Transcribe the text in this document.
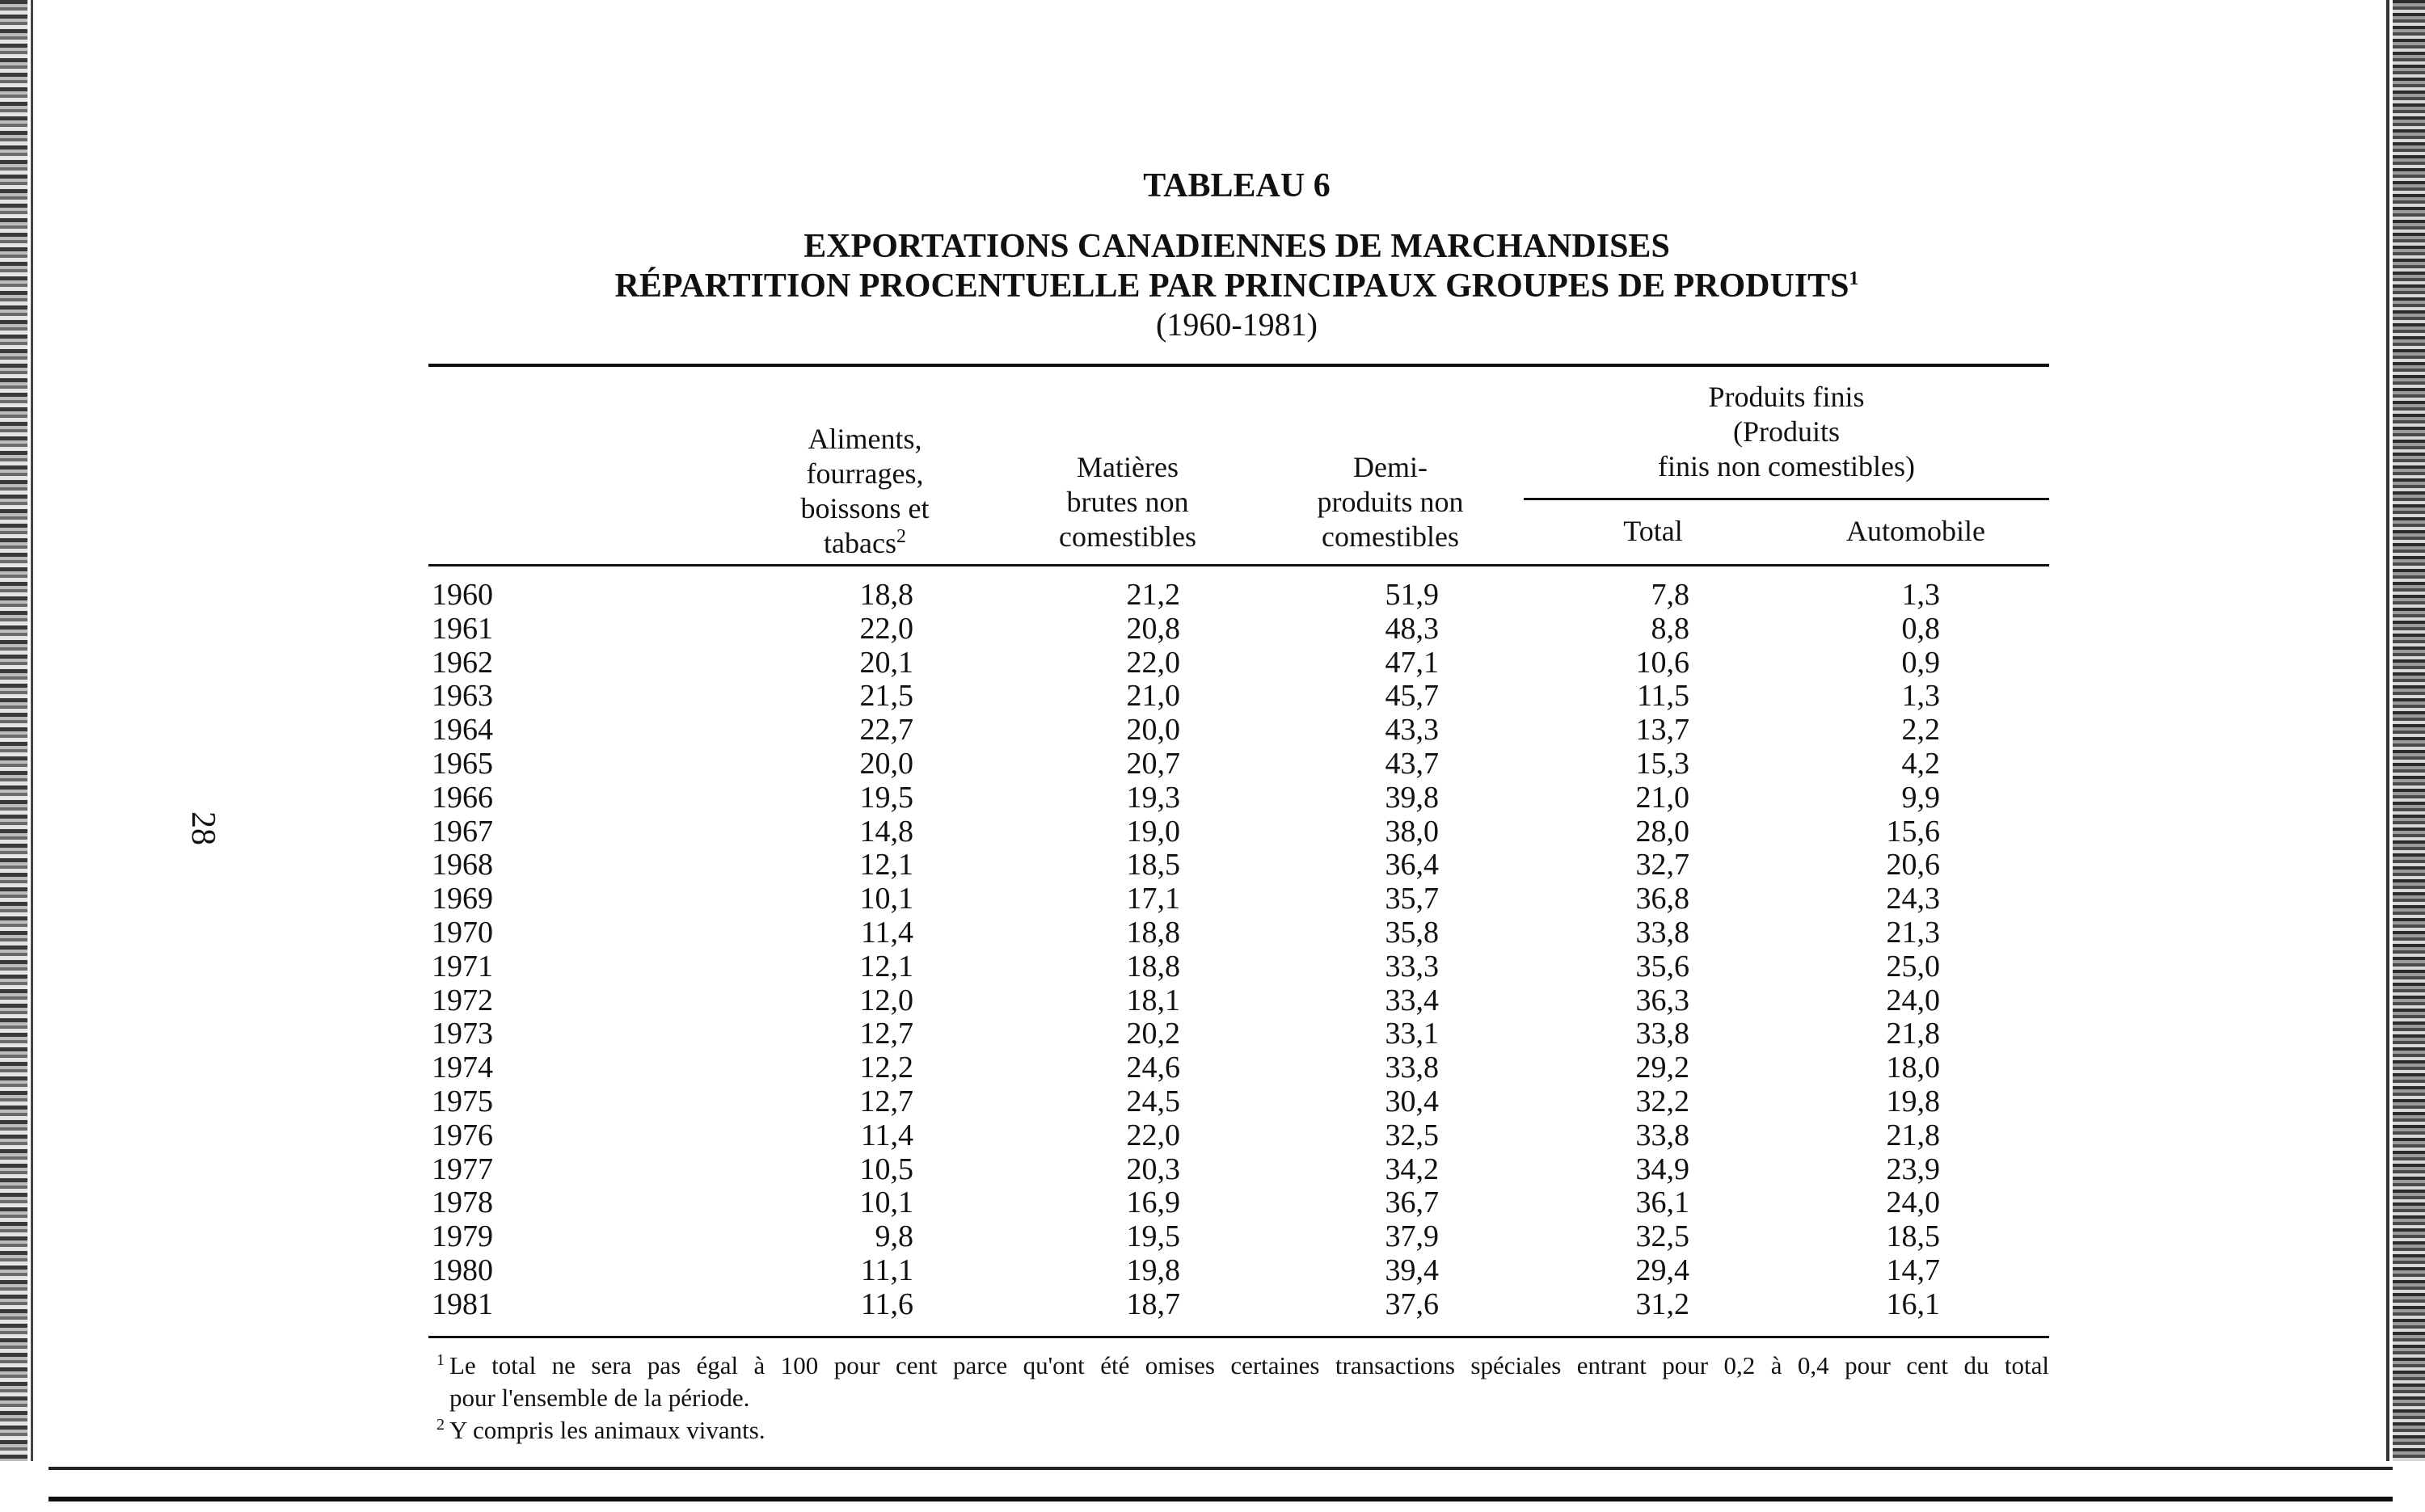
28
TABLEAU 6
EXPORTATIONS CANADIENNES DE MARCHANDISES
RÉPARTITION PROCENTUELLE PAR PRINCIPAUX GROUPES DE PRODUITS$^1$
(1960-1981)
Aliments,
fourrages,
boissons et
tabacs$^2$
Matières
brutes non
comestibles
Demi-
produits non
comestibles
Produits finis
(Produits
finis non comestibles)
Total	Automobile
1960	18,8	21,2	51,9	7,8	1,3
1961	22,0	20,8	48,3	8,8	0,8
1962	20,1	22,0	47,1	10,6	0,9
1963	21,5	21,0	45,7	11,5	1,3
1964	22,7	20,0	43,3	13,7	2,2
1965	20,0	20,7	43,7	15,3	4,2
1966	19,5	19,3	39,8	21,0	9,9
1967	14,8	19,0	38,0	28,0	15,6
1968	12,1	18,5	36,4	32,7	20,6
1969	10,1	17,1	35,7	36,8	24,3
1970	11,4	18,8	35,8	33,8	21,3
1971	12,1	18,8	33,3	35,6	25,0
1972	12,0	18,1	33,4	36,3	24,0
1973	12,7	20,2	33,1	33,8	21,8
1974	12,2	24,6	33,8	29,2	18,0
1975	12,7	24,5	30,4	32,2	19,8
1976	11,4	22,0	32,5	33,8	21,8
1977	10,5	20,3	34,2	34,9	23,9
1978	10,1	16,9	36,7	36,1	24,0
1979	9,8	19,5	37,9	32,5	18,5
1980	11,1	19,8	39,4	29,4	14,7
1981	11,6	18,7	37,6	31,2	16,1

$^1$ Le total ne sera pas égal à 100 pour cent parce qu'ont été omises certaines transactions spéciales entrant pour 0,2 à 0,4 pour cent du total

pour l'ensemble de la période.

$^2$ Y compris les animaux vivants.
